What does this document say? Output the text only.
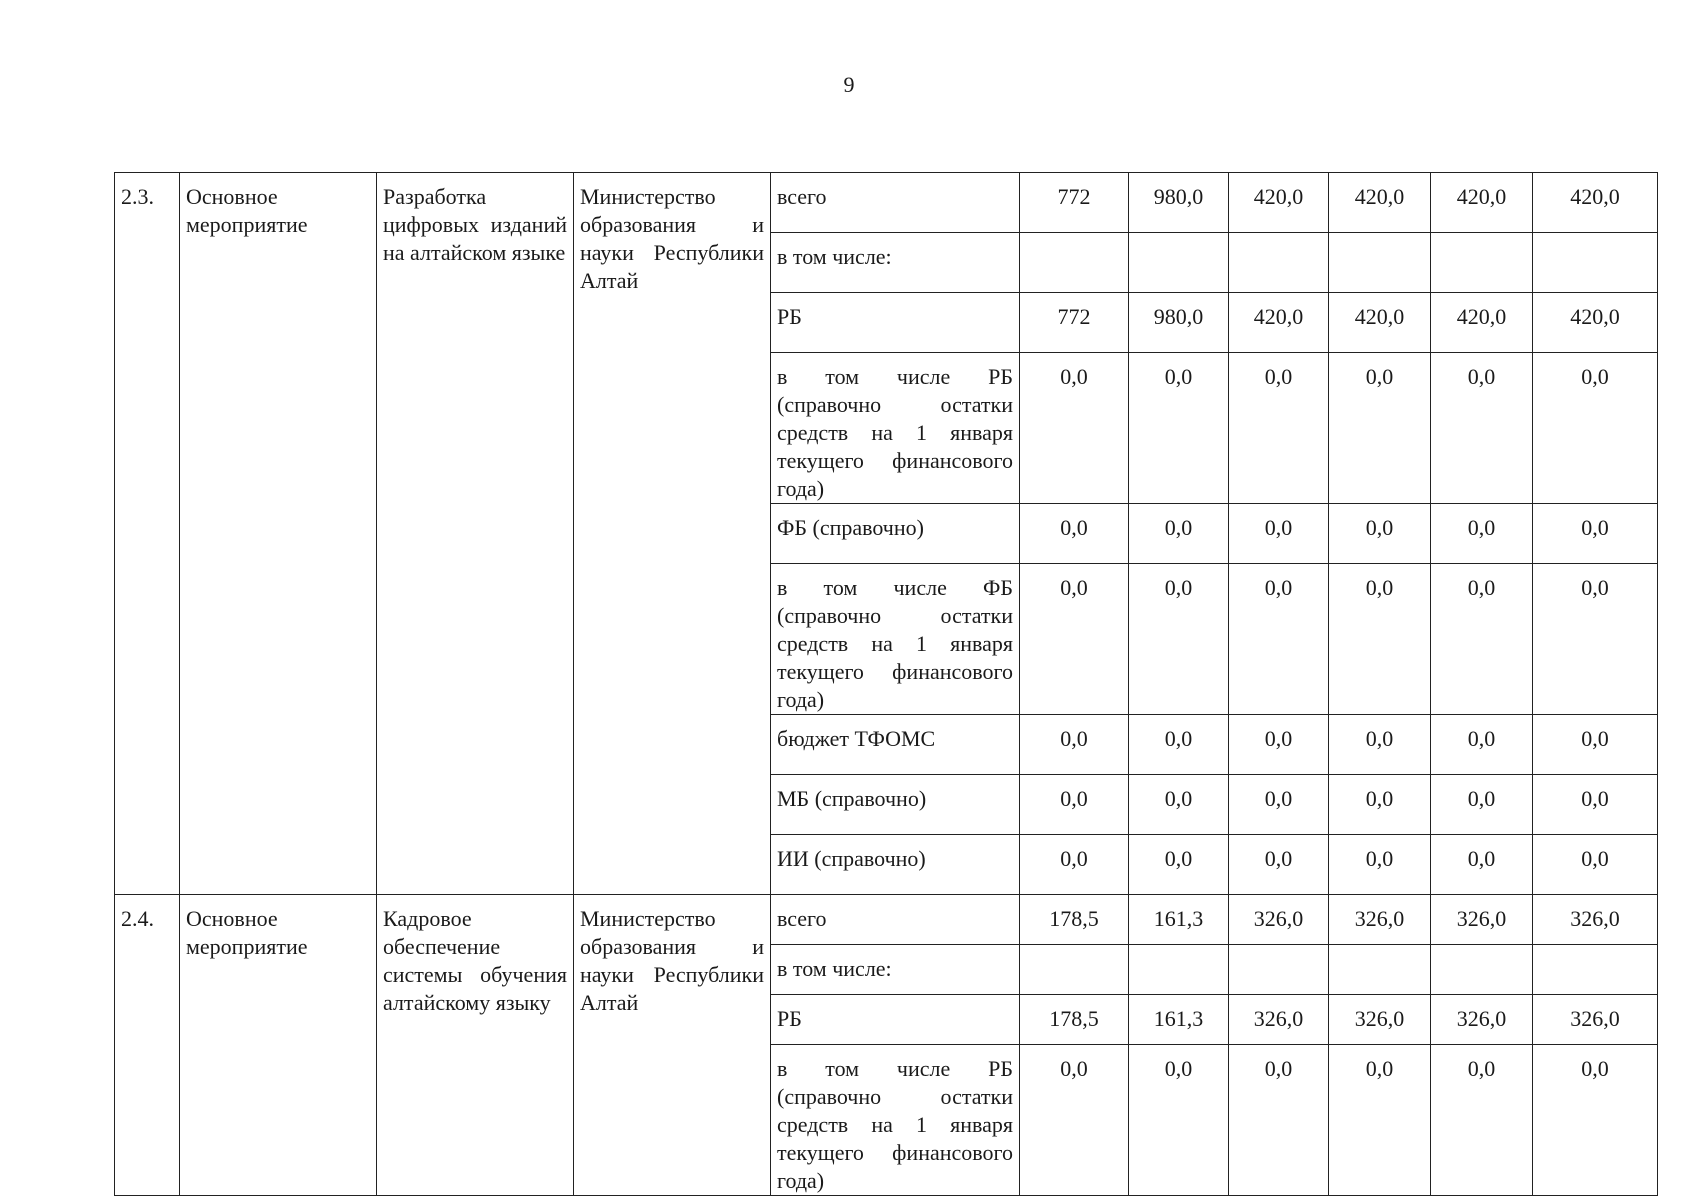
9
2.3.	Основное мероприятие	Разработка цифровых изданий на алтайском языке	Министерство образования и науки Республики Алтай	всего	772	980,0	420,0	420,0	420,0	420,0
				в том числе:						
				РБ	772	980,0	420,0	420,0	420,0	420,0
				в том числе РБ (справочно остатки средств на 1 января текущего финансового года)	0,0	0,0	0,0	0,0	0,0	0,0
				ФБ (справочно)	0,0	0,0	0,0	0,0	0,0	0,0
				в том числе ФБ (справочно остатки средств на 1 января текущего финансового года)	0,0	0,0	0,0	0,0	0,0	0,0
				бюджет ТФОМС	0,0	0,0	0,0	0,0	0,0	0,0
				МБ (справочно)	0,0	0,0	0,0	0,0	0,0	0,0
				ИИ (справочно)	0,0	0,0	0,0	0,0	0,0	0,0
2.4.	Основное мероприятие	Кадровое обеспечение системы обучения алтайскому языку	Министерство образования и науки Республики Алтай	всего	178,5	161,3	326,0	326,0	326,0	326,0
				в том числе:						
				РБ	178,5	161,3	326,0	326,0	326,0	326,0
				в том числе РБ (справочно остатки средств на 1 января текущего финансового года)	0,0	0,0	0,0	0,0	0,0	0,0
